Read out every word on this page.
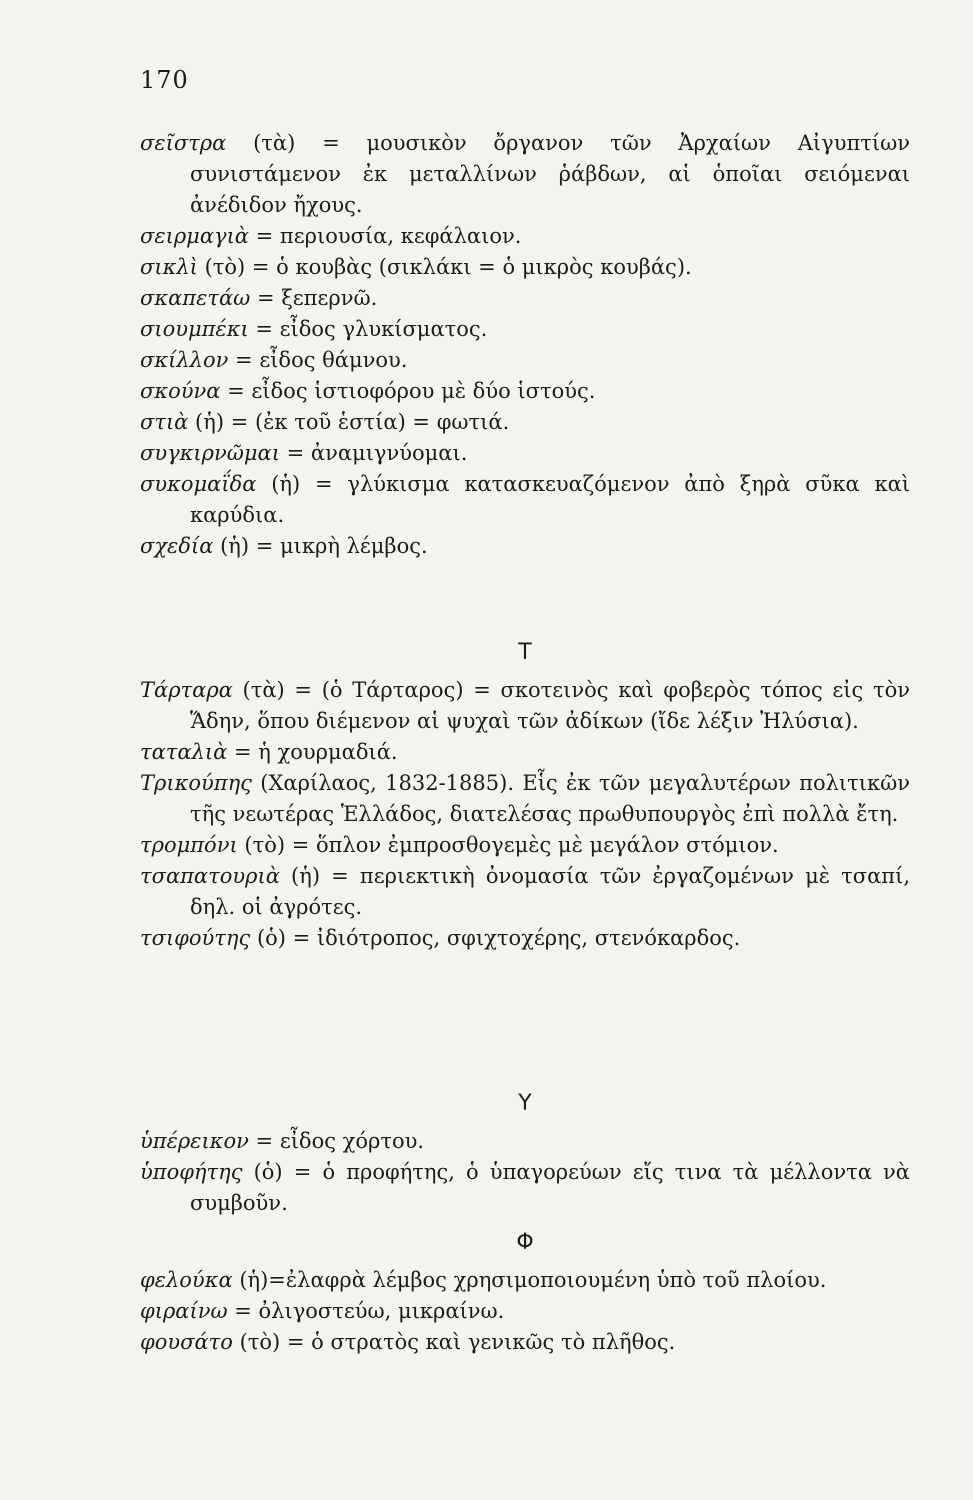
170

σεῖστρα (τὰ) = μουσικὸν ὄργανον τῶν Ἀρχαίων Αἰγυπτίων συνιστάμενον ἐκ μεταλλίνων ῥάβδων, αἱ ὁποῖαι σειόμεναι ἀνέδιδον ἤχους.

σειρμαγιὰ = περιουσία, κεφάλαιον.

σικλὶ (τὸ) = ὁ κουβὰς (σικλάκι = ὁ μικρὸς κουβάς).

σκαπετάω = ξεπερνῶ.

σιουμπέκι = εἶδος γλυκίσματος.

σκίλλον = εἶδος θάμνου.

σκούνα = εἶδος ἱστιοφόρου μὲ δύο ἱστούς.

στιὰ (ἡ) = (ἐκ τοῦ ἑστία) = φωτιά.

συγκιρνῶμαι = ἀναμιγνύομαι.

συκομαΐδα (ἡ) = γλύκισμα κατασκευαζόμενον ἀπὸ ξηρὰ σῦκα καὶ καρύδια.

σχεδία (ἡ) = μικρὴ λέμβος.

Τ

Τάρταρα (τὰ) = (ὁ Τάρταρος) = σκοτεινὸς καὶ φοβερὸς τόπος εἰς τὸν Ἅδην, ὅπου διέμενον αἱ ψυχαὶ τῶν ἀδίκων (ἴδε λέξιν Ἠλύσια).

ταταλιὰ = ἡ χουρμαδιά.

Τρικούπης (Χαρίλαος, 1832-1885). Εἷς ἐκ τῶν μεγαλυτέρων πολιτικῶν τῆς νεωτέρας Ἑλλάδος, διατελέσας πρωθυπουργὸς ἐπὶ πολλὰ ἔτη.

τρομπόνι (τὸ) = ὅπλον ἐμπροσθογεμὲς μὲ μεγάλον στόμιον.

τσαπατουριὰ (ἡ) = περιεκτικὴ ὀνομασία τῶν ἐργαζομένων μὲ τσαπί, δηλ. οἱ ἀγρότες.

τσιφούτης (ὁ) = ἰδιότροπος, σφιχτοχέρης, στενόκαρδος.

Υ

ὑπέρεικον = εἶδος χόρτου.

ὑποφήτης (ὁ) = ὁ προφήτης, ὁ ὑπαγορεύων εἴς τινα τὰ μέλλοντα νὰ συμβοῦν.

Φ

φελούκα (ἡ)=ἐλαφρὰ λέμβος χρησιμοποιουμένη ὑπὸ τοῦ πλοίου.

φιραίνω = ὀλιγοστεύω, μικραίνω.

φουσάτο (τὸ) = ὁ στρατὸς καὶ γενικῶς τὸ πλῆθος.
